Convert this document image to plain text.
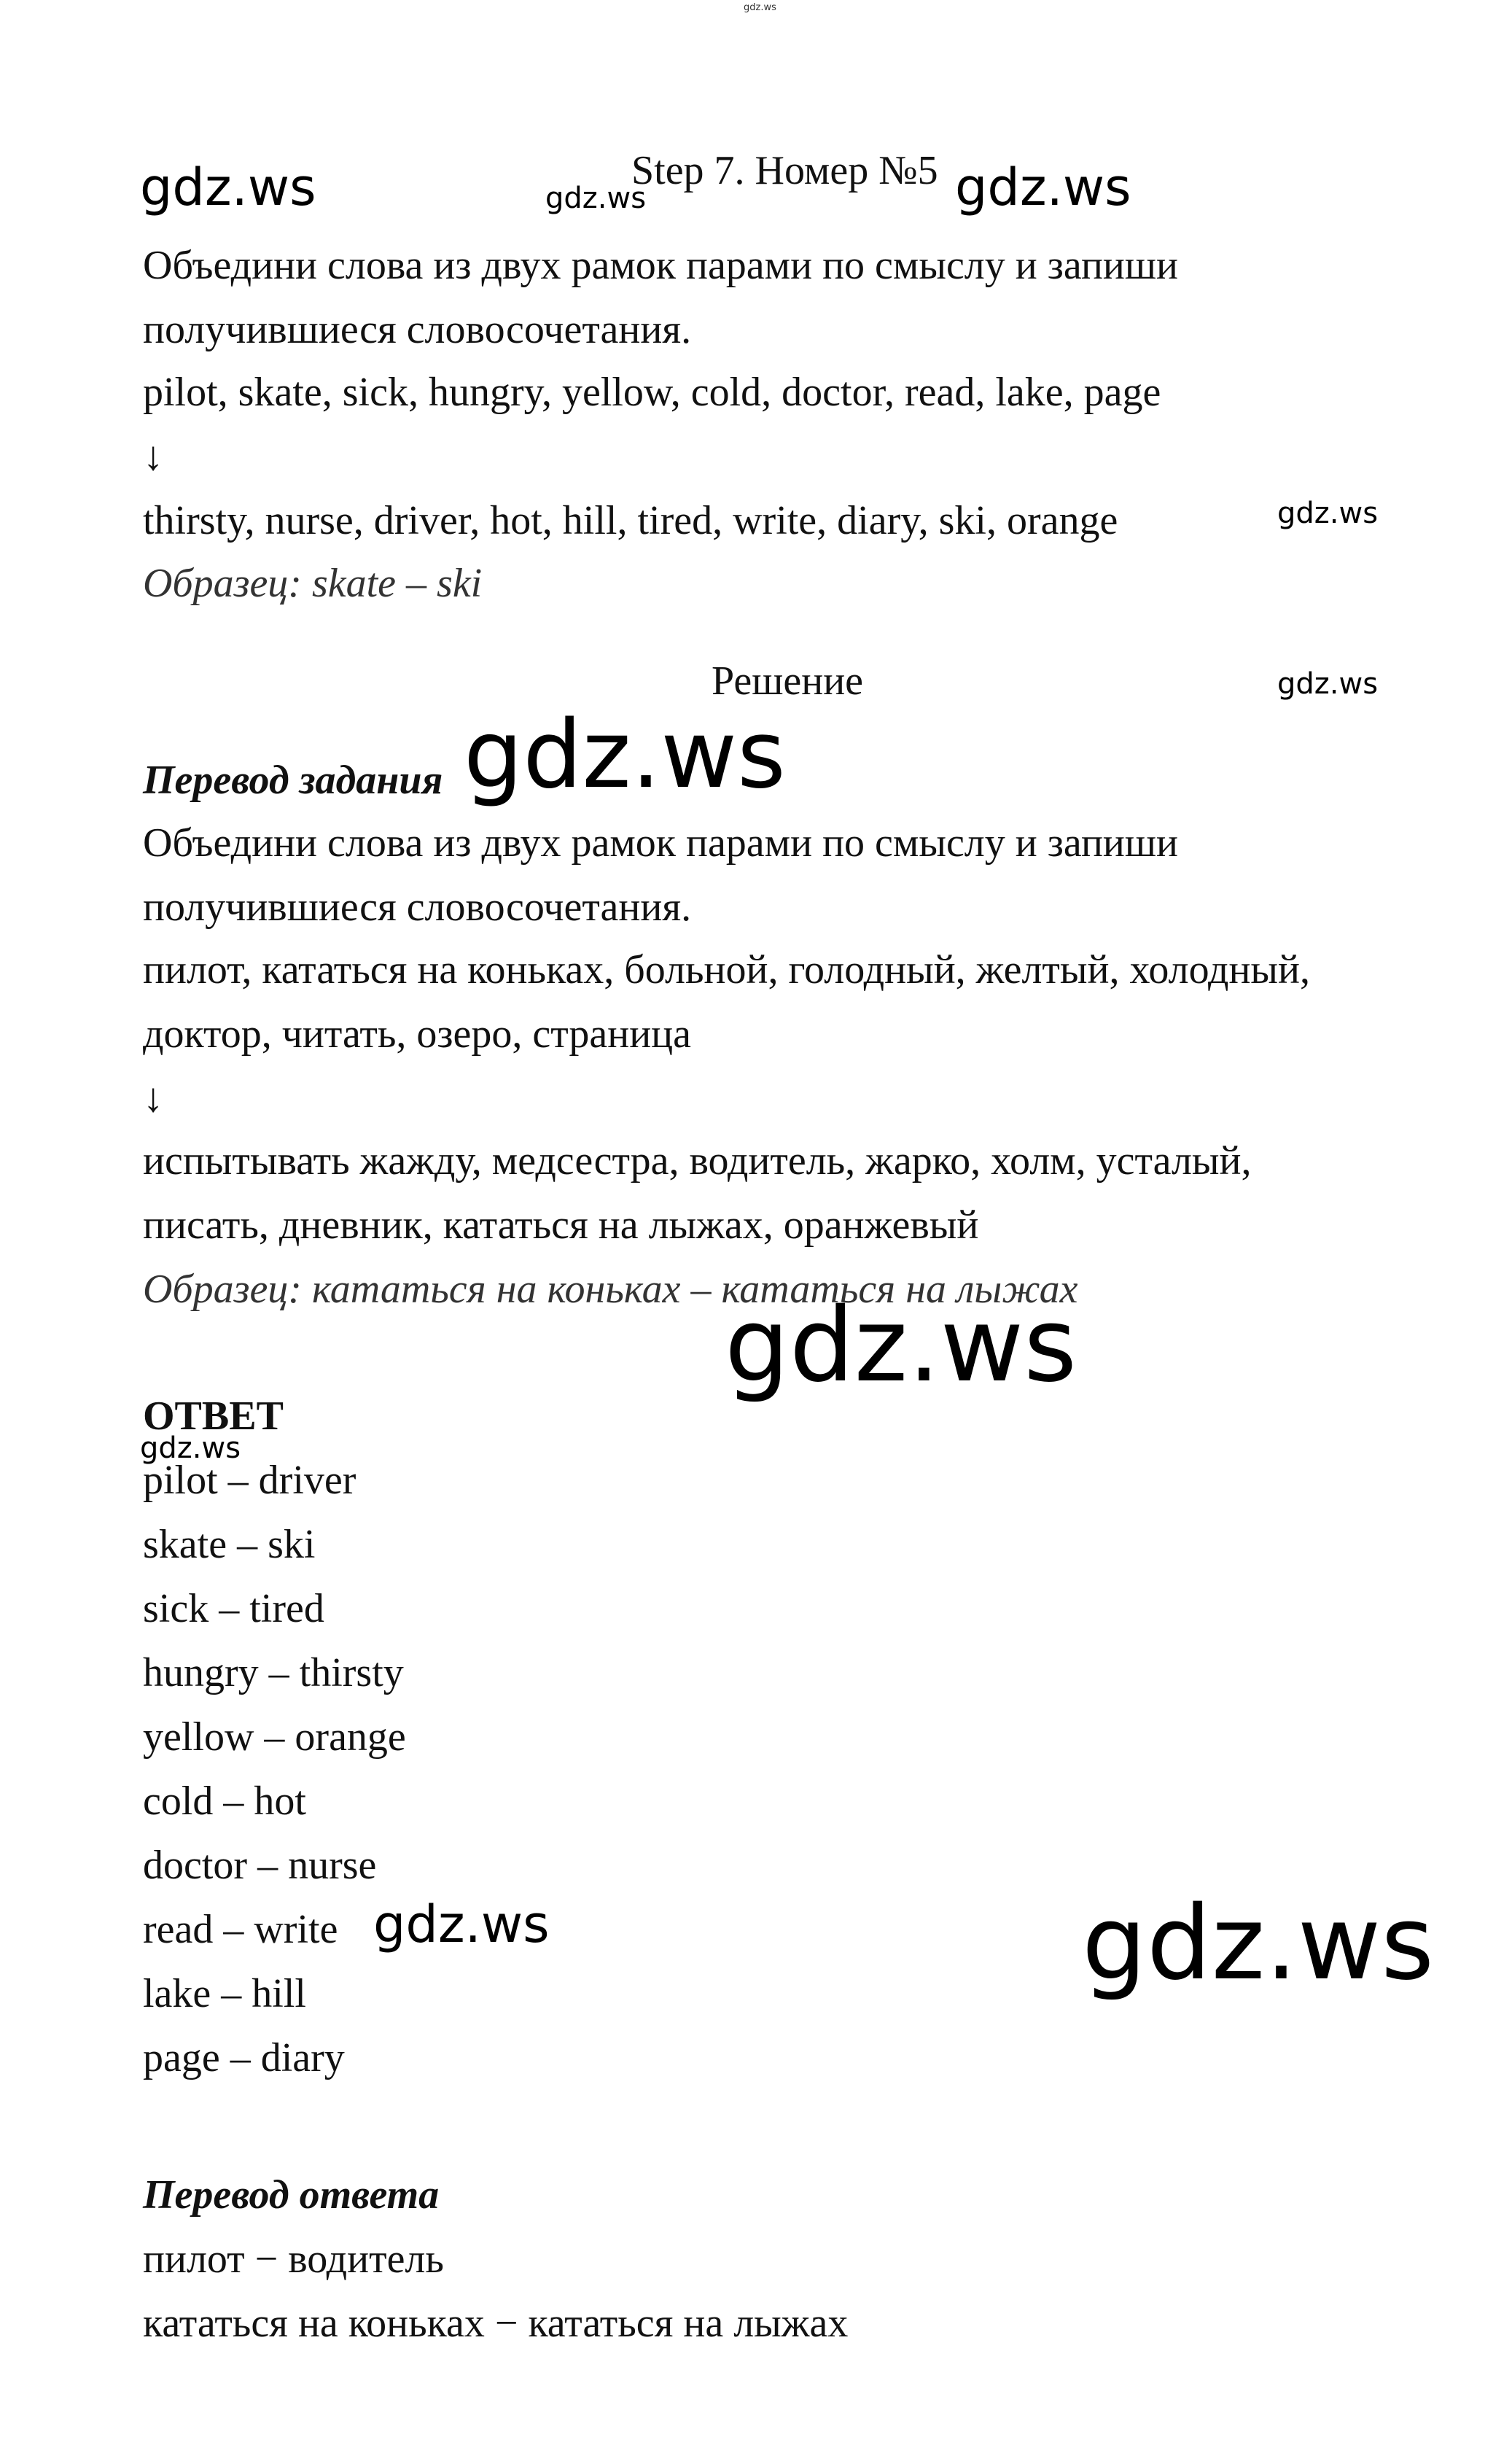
gdz.ws
gdz.ws	gdz.ws	gdz.ws
gdz.ws
gdz.ws
gdz.ws
gdz.ws
gdz.ws
gdz.ws	gdz.ws
Step 7. Номер №5
Объедини слова из двух рамок парами по смыслу и запиши
получившиеся словосочетания.
pilot, skate, sick, hungry, yellow, cold, doctor, read, lake, page
↓
thirsty, nurse, driver, hot, hill, tired, write, diary, ski, orange
Образец: skate – ski
Решение
Перевод задания
Объедини слова из двух рамок парами по смыслу и запиши
получившиеся словосочетания.
пилот, кататься на коньках, больной, голодный, желтый, холодный,
доктор, читать, озеро, страница
↓
испытывать жажду, медсестра, водитель, жарко, холм, усталый,
писать, дневник, кататься на лыжах, оранжевый
Образец: кататься на коньках – кататься на лыжах
ОТВЕТ
pilot – driver
skate – ski
sick – tired
hungry – thirsty
yellow – orange
cold – hot
doctor – nurse
read – write
lake – hill
page – diary
Перевод ответа
пилот − водитель
кататься на коньках − кататься на лыжах
